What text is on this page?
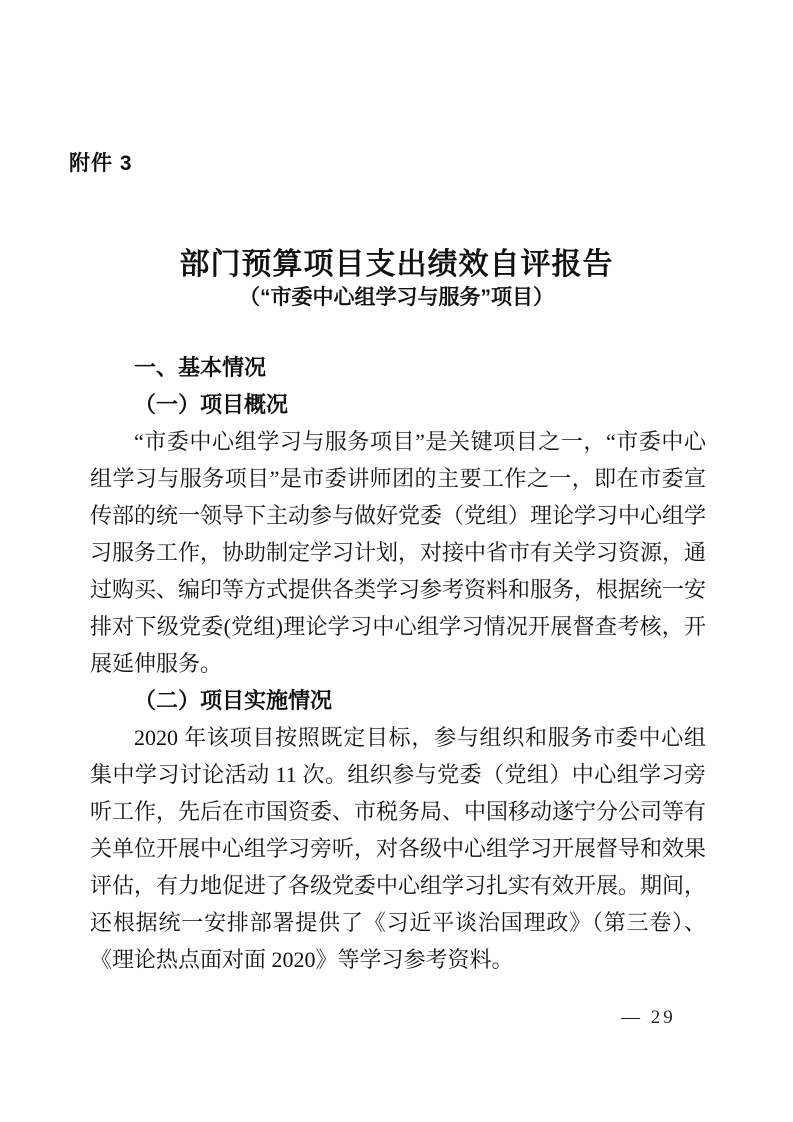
附件 3
部门预算项目支出绩效自评报告
（“市委中心组学习与服务”项目）
一、基本情况
（一）项目概况

“市委中心组学习与服务项目”是关键项目之一，“市委中心组学习与服务项目”是市委讲师团的主要工作之一，即在市委宣传部的统一领导下主动参与做好党委（党组）理论学习中心组学习服务工作，协助制定学习计划，对接中省市有关学习资源，通过购买、编印等方式提供各类学习参考资料和服务，根据统一安排对下级党委(党组)理论学习中心组学习情况开展督查考核，开展延伸服务。

（二）项目实施情况

2020 年该项目按照既定目标，参与组织和服务市委中心组集中学习讨论活动 11 次。组织参与党委（党组）中心组学习旁听工作，先后在市国资委、市税务局、中国移动遂宁分公司等有关单位开展中心组学习旁听，对各级中心组学习开展督导和效果评估，有力地促进了各级党委中心组学习扎实有效开展。期间，还根据统一安排部署提供了《习近平谈治国理政》（第三卷）、《理论热点面对面 2020》等学习参考资料。

— 29
